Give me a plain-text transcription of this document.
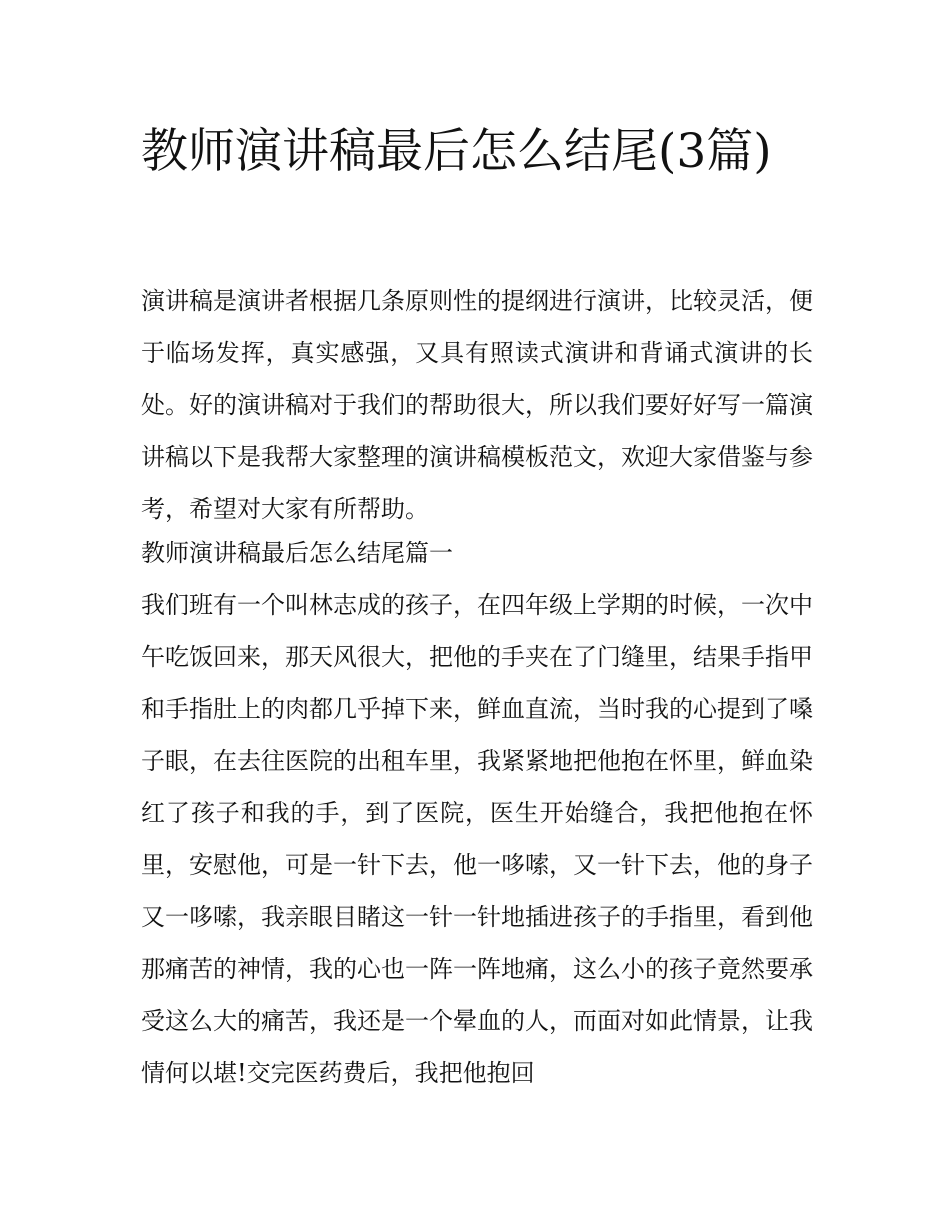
教师演讲稿最后怎么结尾(3篇)

演讲稿是演讲者根据几条原则性的提纲进行演讲，比较灵活，便于临场发挥，真实感强，又具有照读式演讲和背诵式演讲的长处。好的演讲稿对于我们的帮助很大，所以我们要好好写一篇演讲稿以下是我帮大家整理的演讲稿模板范文，欢迎大家借鉴与参考，希望对大家有所帮助。

教师演讲稿最后怎么结尾篇一

我们班有一个叫林志成的孩子，在四年级上学期的时候，一次中午吃饭回来，那天风很大，把他的手夹在了门缝里，结果手指甲和手指肚上的肉都几乎掉下来，鲜血直流，当时我的心提到了嗓子眼，在去往医院的出租车里，我紧紧地把他抱在怀里，鲜血染红了孩子和我的手，到了医院，医生开始缝合，我把他抱在怀里，安慰他，可是一针下去，他一哆嗦，又一针下去，他的身子又一哆嗦，我亲眼目睹这一针一针地插进孩子的手指里，看到他那痛苦的神情，我的心也一阵一阵地痛，这么小的孩子竟然要承受这么大的痛苦，我还是一个晕血的人，而面对如此情景，让我情何以堪!交完医药费后，我把他抱回
